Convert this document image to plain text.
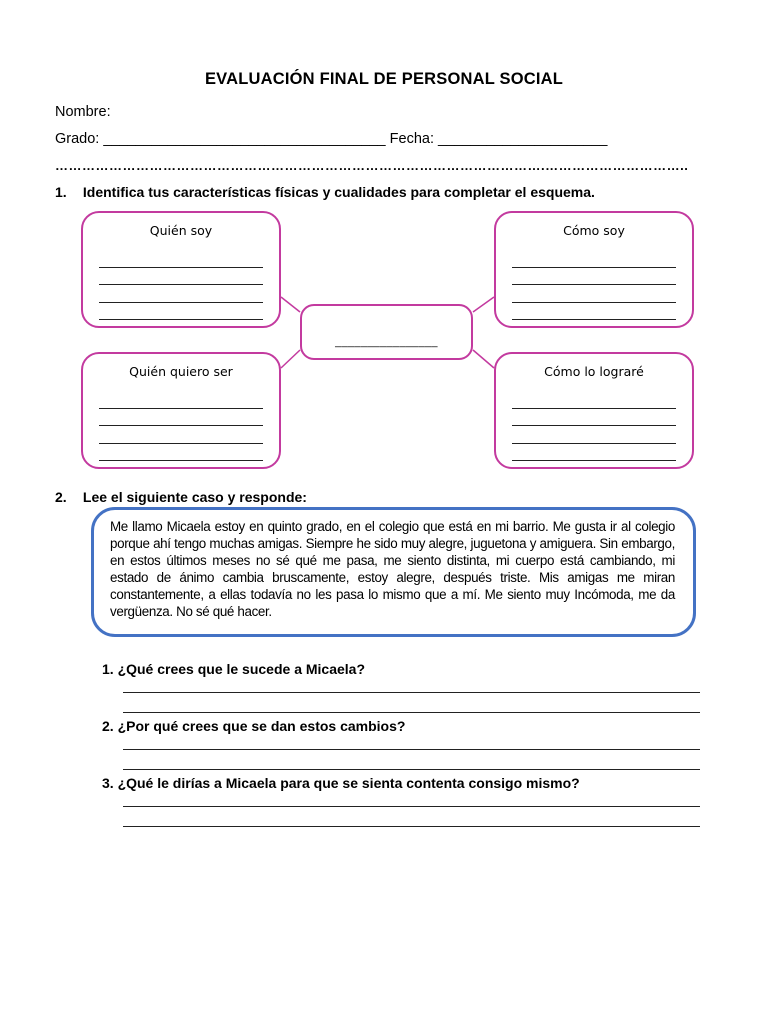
EVALUACIÓN FINAL DE PERSONAL SOCIAL
Nombre:
Grado: ___________________________________ Fecha: _____________________
……………………………………………………………………………………………….…………………………..
1. Identifica tus características físicas y cualidades para completar el esquema.
Quién soy	Cómo soy
Quién quiero ser	Cómo lo lograré
________________
2. Lee el siguiente caso y responde:
Me llamo Micaela estoy en quinto grado, en el colegio que está en mi barrio. Me gusta ir al colegio porque ahí tengo muchas amigas. Siempre he sido muy alegre, juguetona y amiguera. Sin embargo, en estos últimos meses no sé qué me pasa, me siento distinta, mi cuerpo está cambiando, mi estado de ánimo cambia bruscamente, estoy alegre, después triste. Mis amigas me miran constantemente, a ellas todavía no les pasa lo mismo que a mí. Me siento muy Incómoda, me da vergüenza. No sé qué hacer.
1. ¿Qué crees que le sucede a Micaela?
2. ¿Por qué crees que se dan estos cambios?
3. ¿Qué le dirías a Micaela para que se sienta contenta consigo mismo?
